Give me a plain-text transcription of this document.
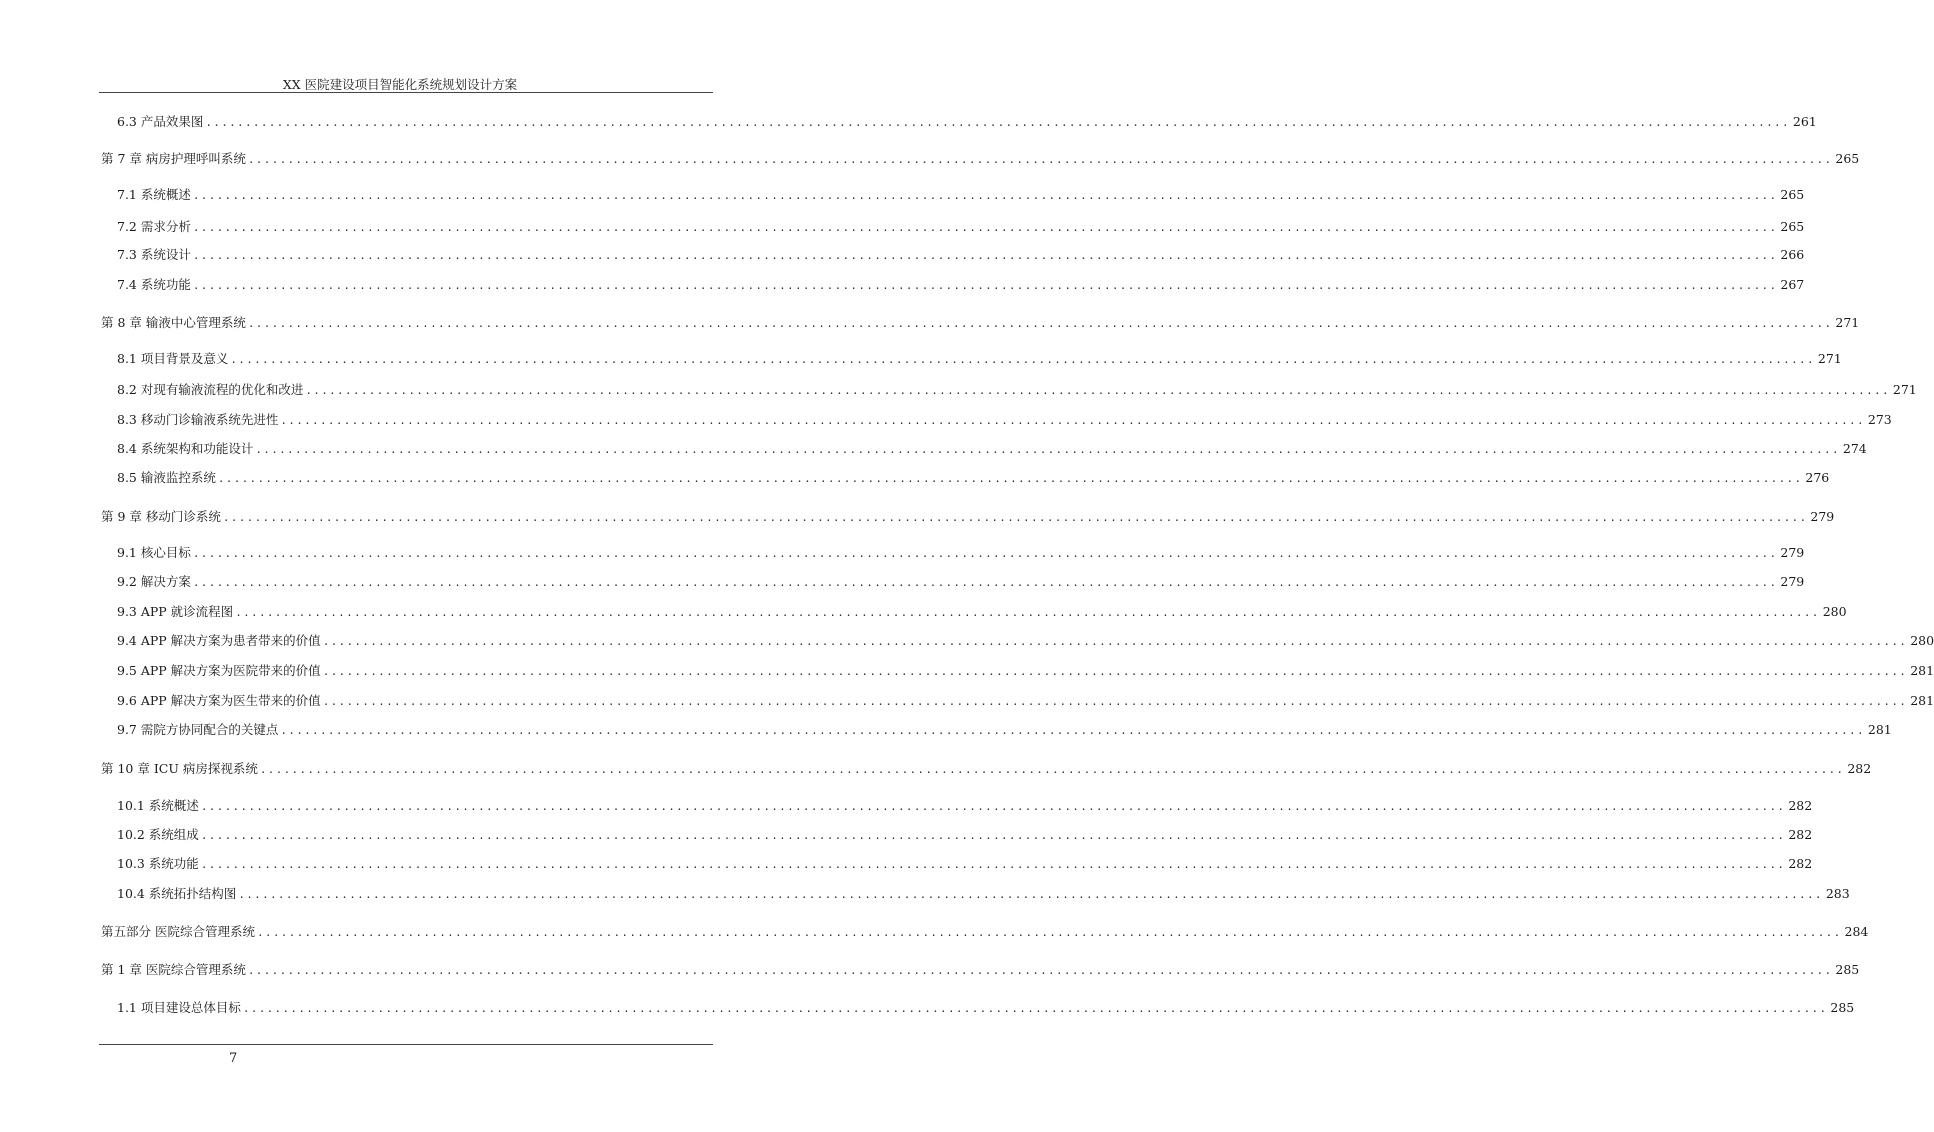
XX 医院建设项目智能化系统规划设计方案
6.3 产品效果图 ........................................................................................................................................................................................................ 261
第 7 章 病房护理呼叫系统 ........................................................................................................................................................................................................ 265
7.1 系统概述 ........................................................................................................................................................................................................ 265
7.2 需求分析 ........................................................................................................................................................................................................ 265
7.3 系统设计 ........................................................................................................................................................................................................ 266
7.4 系统功能 ........................................................................................................................................................................................................ 267
第 8 章 输液中心管理系统 ........................................................................................................................................................................................................ 271
8.1 项目背景及意义 ........................................................................................................................................................................................................ 271
8.2 对现有输液流程的优化和改进 ........................................................................................................................................................................................................ 271
8.3 移动门诊输液系统先进性 ........................................................................................................................................................................................................ 273
8.4 系统架构和功能设计 ........................................................................................................................................................................................................ 274
8.5 输液监控系统 ........................................................................................................................................................................................................ 276
第 9 章 移动门诊系统 ........................................................................................................................................................................................................ 279
9.1 核心目标 ........................................................................................................................................................................................................ 279
9.2 解决方案 ........................................................................................................................................................................................................ 279
9.3 APP 就诊流程图 ........................................................................................................................................................................................................ 280
9.4 APP 解决方案为患者带来的价值 ........................................................................................................................................................................................................ 280
9.5 APP 解决方案为医院带来的价值 ........................................................................................................................................................................................................ 281
9.6 APP 解决方案为医生带来的价值 ........................................................................................................................................................................................................ 281
9.7 需院方协同配合的关键点 ........................................................................................................................................................................................................ 281
第 10 章 ICU 病房探视系统 ........................................................................................................................................................................................................ 282
10.1 系统概述 ........................................................................................................................................................................................................ 282
10.2 系统组成 ........................................................................................................................................................................................................ 282
10.3 系统功能 ........................................................................................................................................................................................................ 282
10.4 系统拓扑结构图 ........................................................................................................................................................................................................ 283
第五部分 医院综合管理系统 ........................................................................................................................................................................................................ 284
第 1 章 医院综合管理系统 ........................................................................................................................................................................................................ 285
1.1 项目建设总体目标 ........................................................................................................................................................................................................ 285
7
